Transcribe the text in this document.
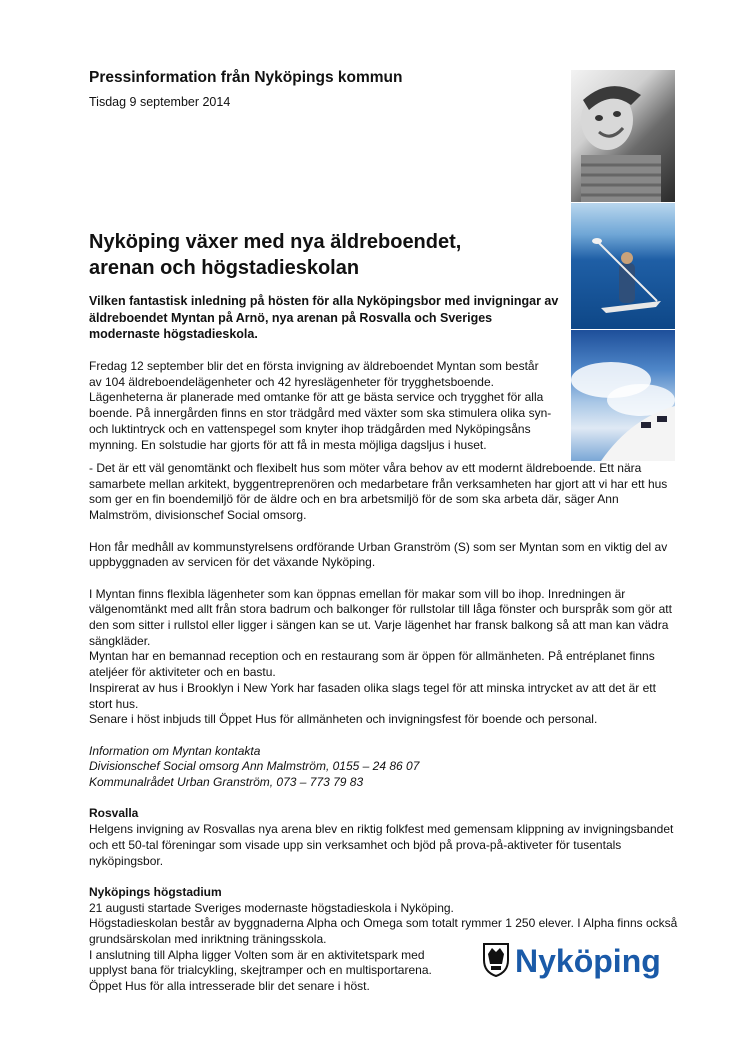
Pressinformation från Nyköpings kommun
Tisdag 9 september 2014
Nyköping växer med nya äldreboendet,
arenan och högstadieskolan

Vilken fantastisk inledning på hösten för alla Nyköpingsbor med invigningar av äldreboendet Myntan på Arnö, nya arenan på Rosvalla och Sveriges modernaste högstadieskola.

Fredag 12 september blir det en första invigning av äldreboendet Myntan som består av 104 äldreboendelägenheter och 42 hyreslägenheter för trygghetsboende. Lägenheterna är planerade med omtanke för att ge bästa service och trygghet för alla boende. På innergården finns en stor trädgård med växter som ska stimulera olika syn- och luktintryck och en vattenspegel som knyter ihop trädgården med Nyköpingsåns mynning. En solstudie har gjorts för att få in mesta möjliga dagsljus i huset.

- Det är ett väl genomtänkt och flexibelt hus som möter våra behov av ett modernt äldreboende. Ett nära samarbete mellan arkitekt, byggentreprenören och medarbetare från verksamheten har gjort att vi har ett hus som ger en fin boendemiljö för de äldre och en bra arbetsmiljö för de som ska arbeta där, säger Ann Malmström, divisionschef Social omsorg.

Hon får medhåll av kommunstyrelsens ordförande Urban Granström (S) som ser Myntan som en viktig del av uppbyggnaden av servicen för det växande Nyköping.

I Myntan finns flexibla lägenheter som kan öppnas emellan för makar som vill bo ihop. Inredningen är välgenomtänkt med allt från stora badrum och balkonger för rullstolar till låga fönster och burspråk som gör att den som sitter i rullstol eller ligger i sängen kan se ut. Varje lägenhet har fransk balkong så att man kan vädra sängkläder.

Myntan har en bemannad reception och en restaurang som är öppen för allmänheten. På entréplanet finns ateljéer för aktiviteter och en bastu.

Inspirerat av hus i Brooklyn i New York har fasaden olika slags tegel för att minska intrycket av att det är ett stort hus.

Senare i höst inbjuds till Öppet Hus för allmänheten och invigningsfest för boende och personal.

Information om Myntan kontakta

Divisionschef Social omsorg Ann Malmström, 0155 – 24 86 07

Kommunalrådet Urban Granström, 073 – 773 79 83

Rosvalla

Helgens invigning av Rosvallas nya arena blev en riktig folkfest med gemensam klippning av invigningsbandet och ett 50-tal föreningar som visade upp sin verksamhet och bjöd på prova-på-aktiveter för tusentals nyköpingsbor.

Nyköpings högstadium

21 augusti startade Sveriges modernaste högstadieskola i Nyköping.

Högstadieskolan består av byggnaderna Alpha och Omega som totalt rymmer 1 250 elever. I Alpha finns också grundsärskolan med inriktning träningsskola.

I anslutning till Alpha ligger Volten som är en aktivitetspark med upplyst bana för trialcykling, skejtramper och en multisportarena.

Öppet Hus för alla intresserade blir det senare i höst.

Nyköping
